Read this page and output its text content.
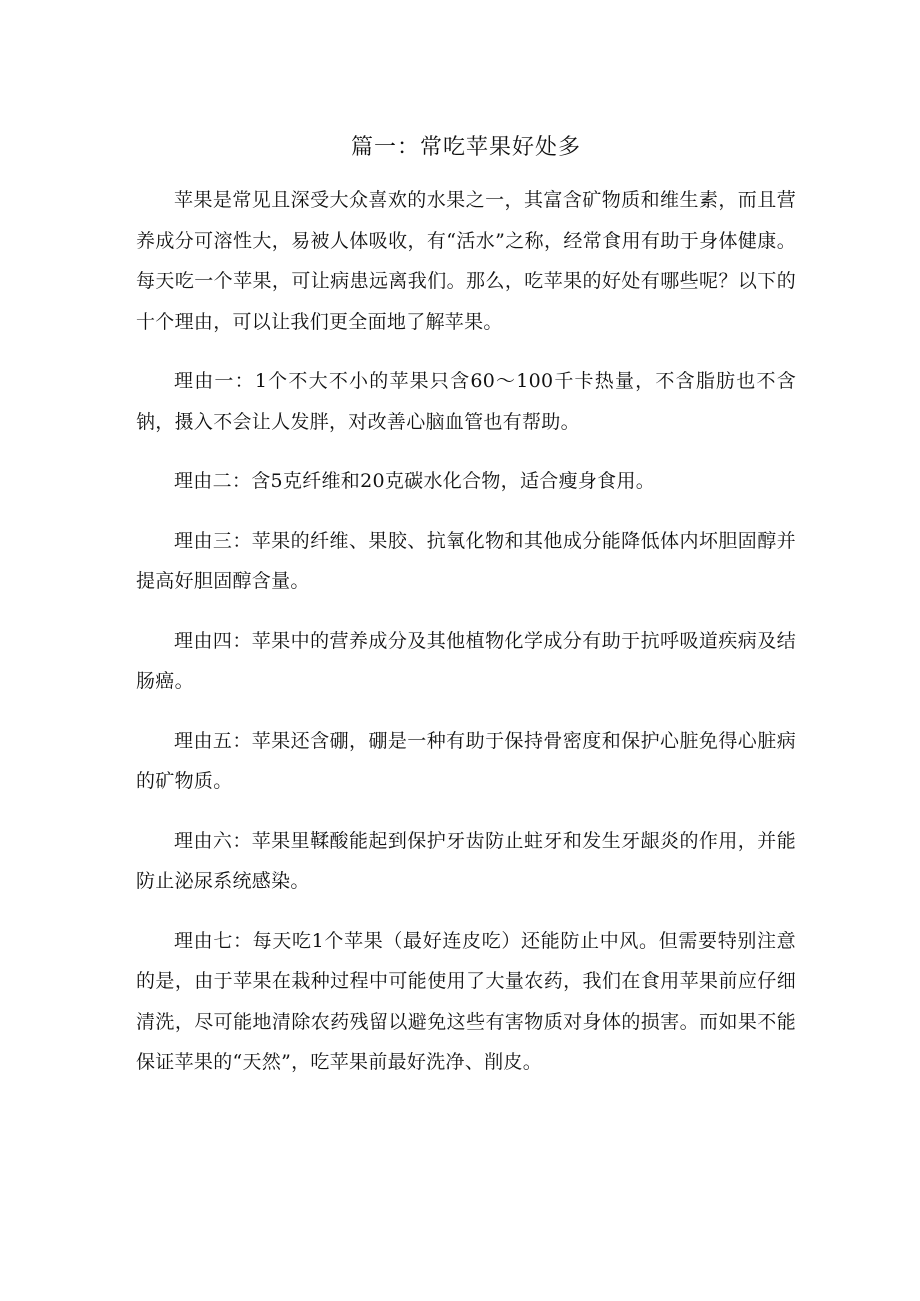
篇一：常吃苹果好处多

苹果是常见且深受大众喜欢的水果之一，其富含矿物质和维生素，而且营养成分可溶性大，易被人体吸收，有“活水”之称，经常食用有助于身体健康。每天吃一个苹果，可让病患远离我们。那么，吃苹果的好处有哪些呢？以下的十个理由，可以让我们更全面地了解苹果。

理由一：1个不大不小的苹果只含60～100千卡热量，不含脂肪也不含钠，摄入不会让人发胖，对改善心脑血管也有帮助。

理由二：含5克纤维和20克碳水化合物，适合瘦身食用。

理由三：苹果的纤维、果胶、抗氧化物和其他成分能降低体内坏胆固醇并提高好胆固醇含量。

理由四：苹果中的营养成分及其他植物化学成分有助于抗呼吸道疾病及结肠癌。

理由五：苹果还含硼，硼是一种有助于保持骨密度和保护心脏免得心脏病的矿物质。

理由六：苹果里鞣酸能起到保护牙齿防止蛀牙和发生牙龈炎的作用，并能防止泌尿系统感染。

理由七：每天吃1个苹果（最好连皮吃）还能防止中风。但需要特别注意的是，由于苹果在栽种过程中可能使用了大量农药，我们在食用苹果前应仔细清洗，尽可能地清除农药残留以避免这些有害物质对身体的损害。而如果不能保证苹果的“天然”，吃苹果前最好洗净、削皮。
